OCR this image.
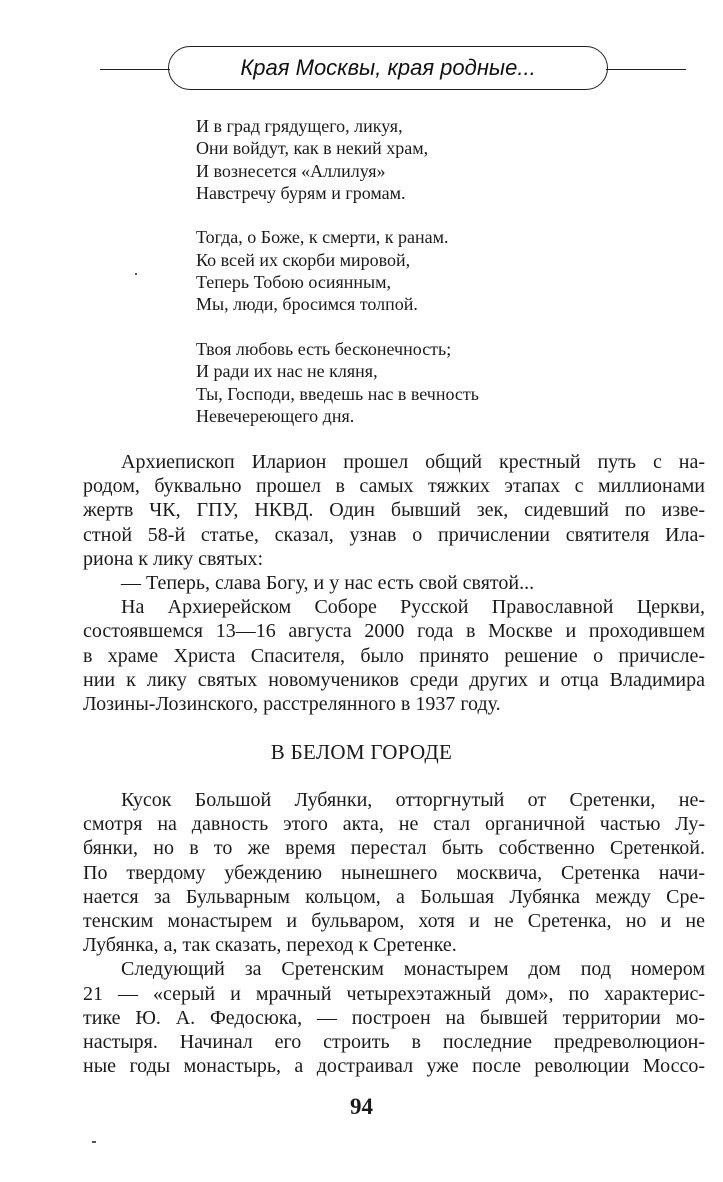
Края Москвы, края родные...
И в град грядущего, ликуя,
Они войдут, как в некий храм,
И вознесется «Аллилуя»
Навстречу бурям и громам.
Тогда, о Боже, к смерти, к ранам.
Ко всей их скорби мировой,
Теперь Тобою осиянным,
Мы, люди, бросимся толпой.
Твоя любовь есть бесконечность;
И ради их нас не кляня,
Ты, Господи, введешь нас в вечность
Невечереющего дня.
Архиепископ Иларион прошел общий крестный путь с на-
родом, буквально прошел в самых тяжких этапах с миллионами
жертв ЧК, ГПУ, НКВД. Один бывший зек, сидевший по изве-
стной 58-й статье, сказал, узнав о причислении святителя Ила-
риона к лику святых:
— Теперь, слава Богу, и у нас есть свой святой...
На Архиерейском Соборе Русской Православной Церкви,
состоявшемся 13—16 августа 2000 года в Москве и проходившем
в храме Христа Спасителя, было принято решение о причисле-
нии к лику святых новомучеников среди других и отца Владимира
Лозины-Лозинского, расстрелянного в 1937 году.
В БЕЛОМ ГОРОДЕ
Кусок Большой Лубянки, отторгнутый от Сретенки, не-
смотря на давность этого акта, не стал органичной частью Лу-
бянки, но в то же время перестал быть собственно Сретенкой.
По твердому убеждению нынешнего москвича, Сретенка начи-
нается за Бульварным кольцом, а Большая Лубянка между Сре-
тенским монастырем и бульваром, хотя и не Сретенка, но и не
Лубянка, а, так сказать, переход к Сретенке.
Следующий за Сретенским монастырем дом под номером
21 — «серый и мрачный четырехэтажный дом», по характерис-
тике Ю. А. Федосюка, — построен на бывшей территории мо-
настыря. Начинал его строить в последние предреволюцион-
ные годы монастырь, а достраивал уже после революции Моссо-
94
